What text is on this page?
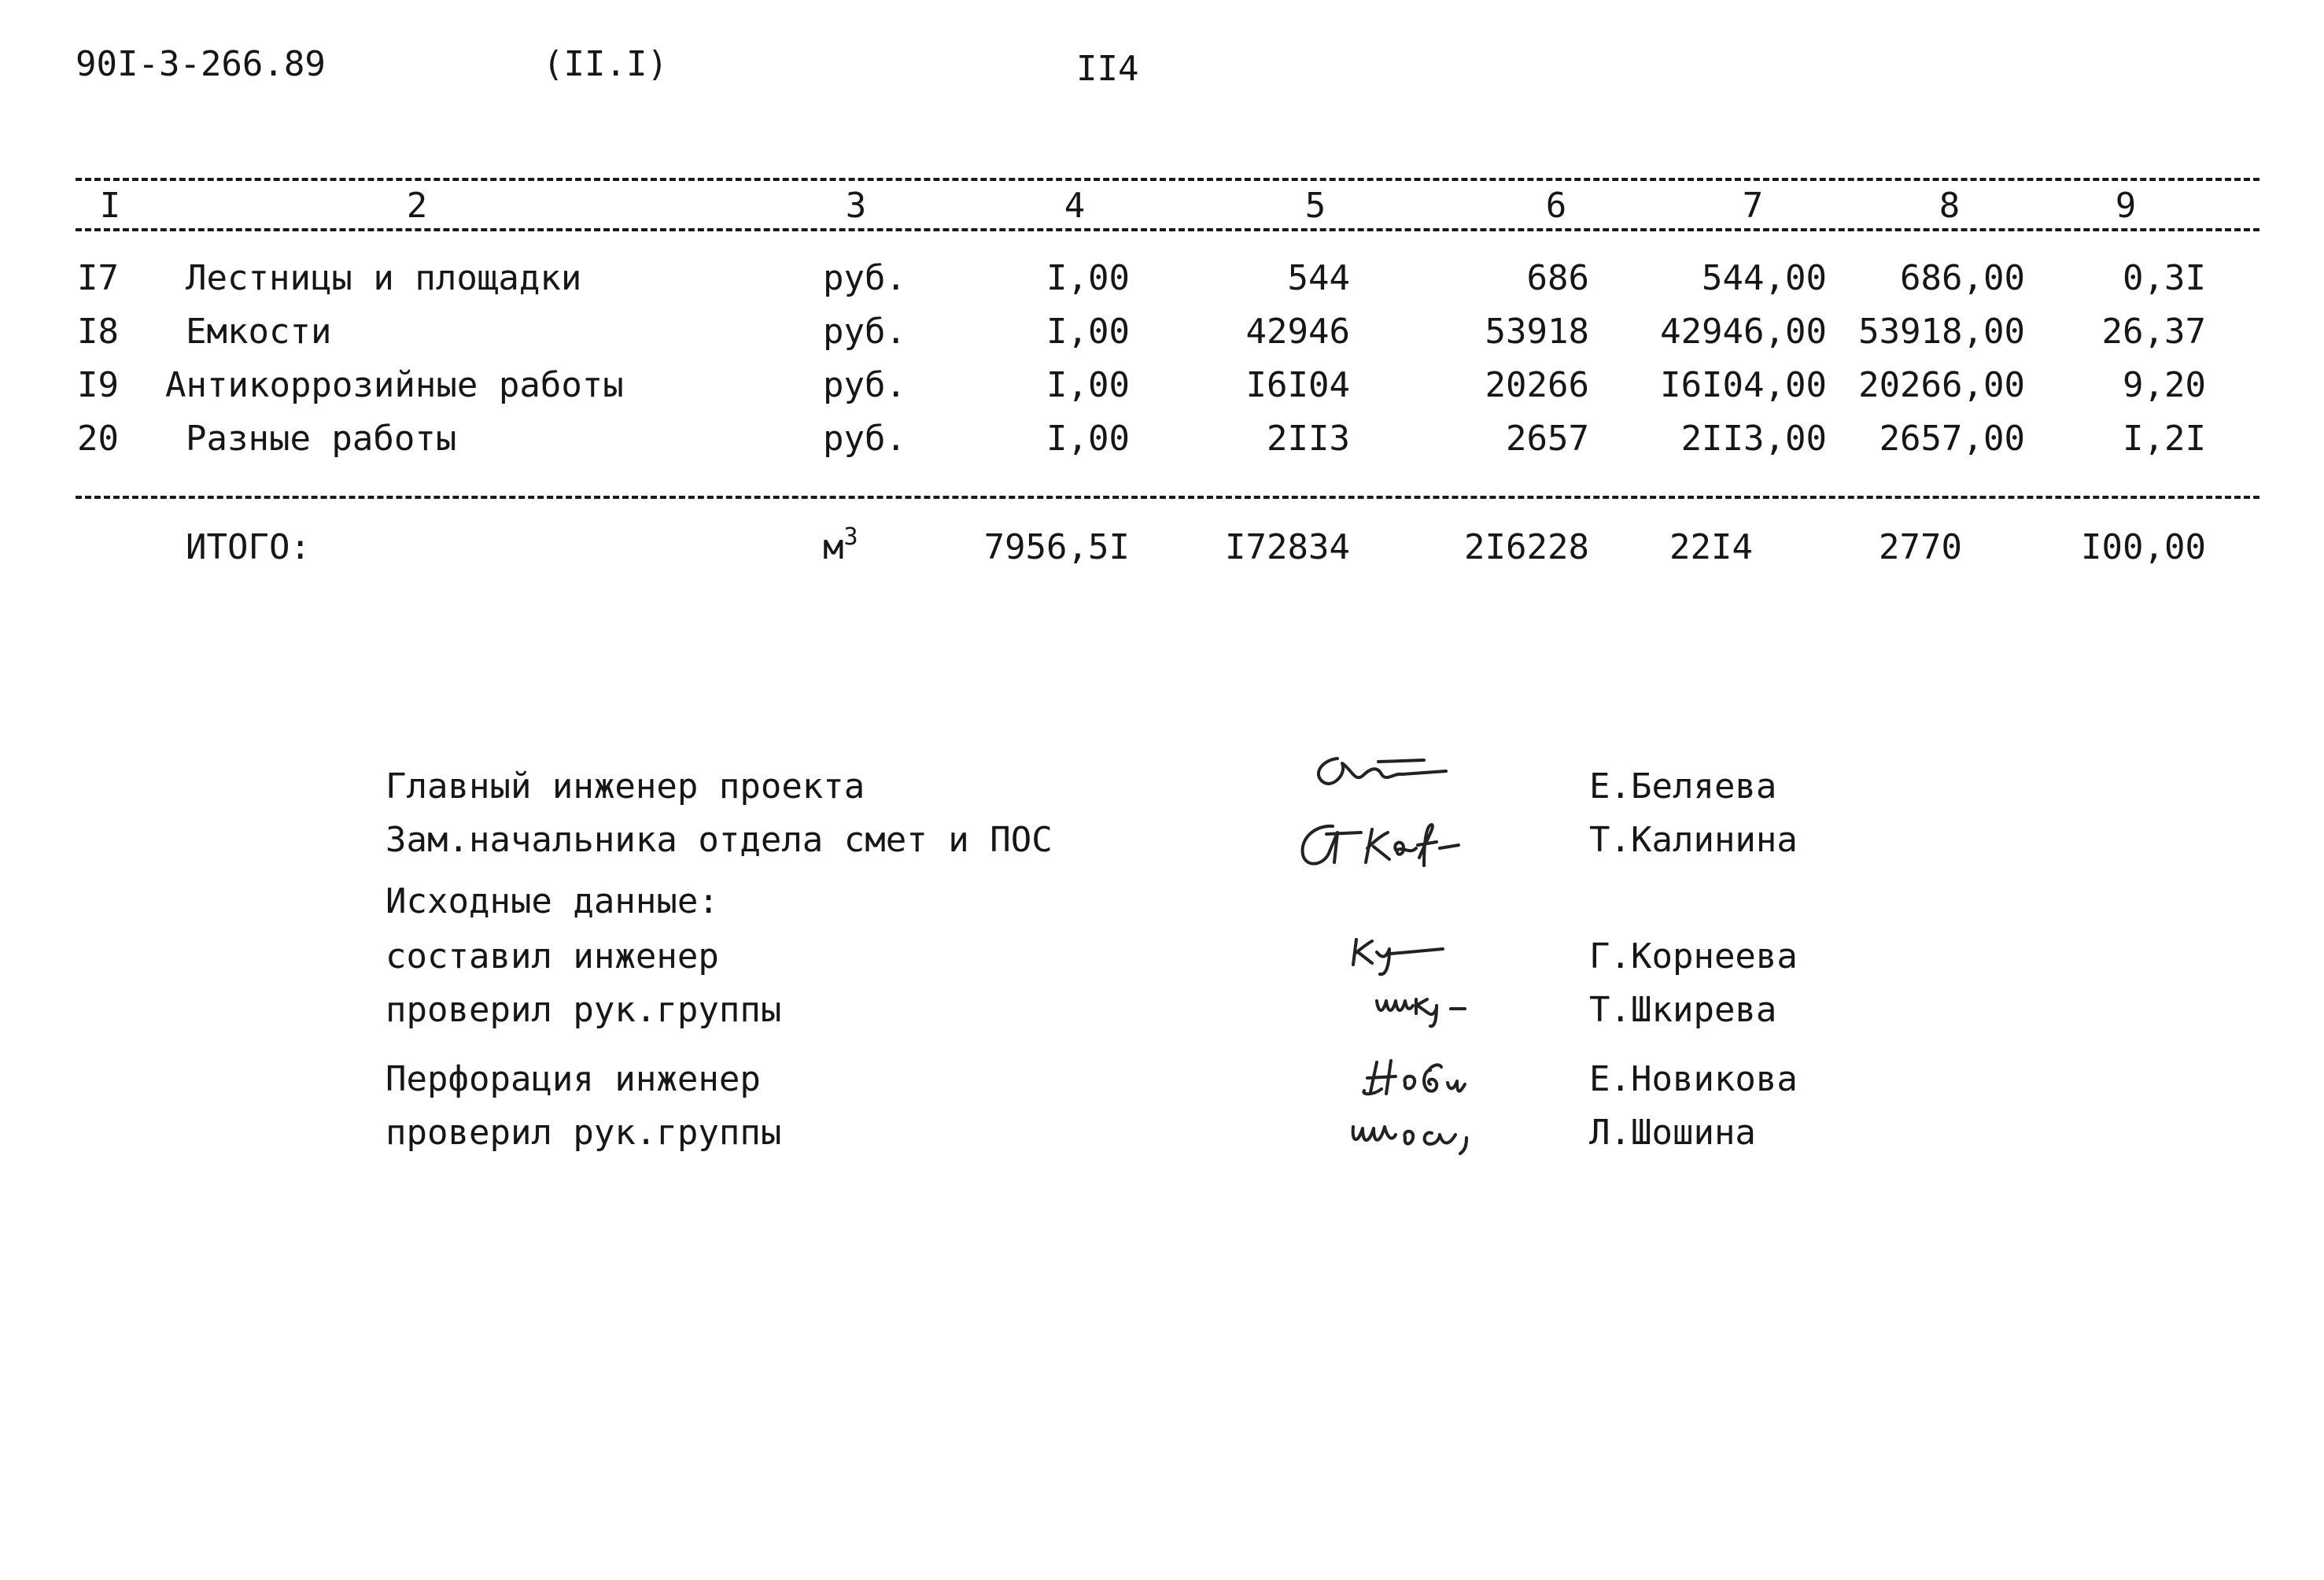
90I-3-266.89	(II.I)	II4
I	2	3	4	5	6	7	8	9
I7 Лестницы и площадки	руб.	I,00	544	686	544,00	686,00	0,3I
I8 Емкости	руб.	I,00	42946	53918	42946,00 53918,00	26,37
I9 Антикоррозийные работы	руб.	I,00	I6I04	20266	I6I04,00 20266,00	9,20
20 Разные работы	руб.	I,00	2II3	2657	2II3,00	2657,00	I,2I
ИТОГО:	$м^3$	7956,5I	I72834	2I6228 22I4	2770	I00,00
Главный инженер проекта	Е.Беляева
Зам.начальника отдела смет и ПОС	Т.Калинина
Исходные данные:
составил инженер	Г.Корнеева
проверил рук.группы	Т.Шкирева
Перфорация инженер	Е.Новикова
проверил рук.группы	Л.Шошина
